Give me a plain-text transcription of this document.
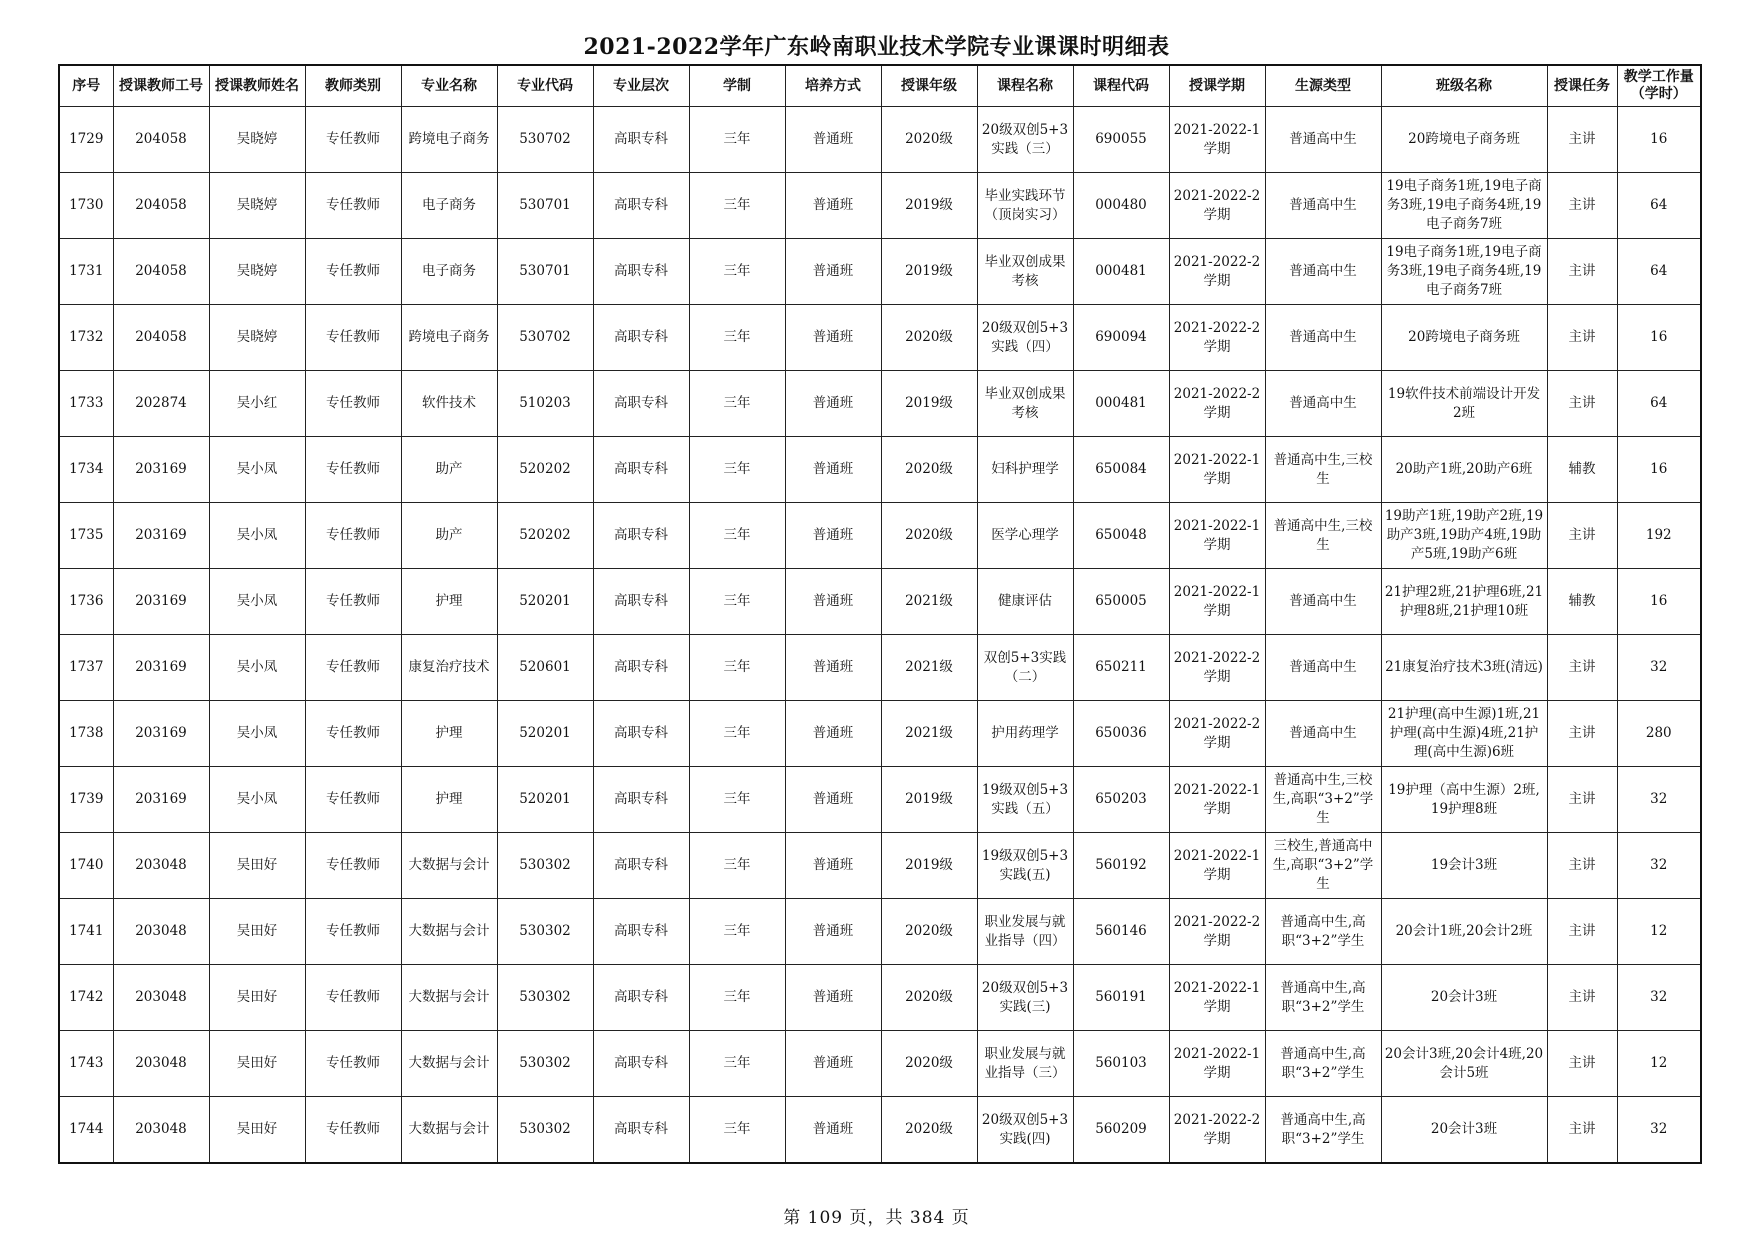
2021-2022学年广东岭南职业技术学院专业课课时明细表
序号	授课教师工号	授课教师姓名	教师类别	专业名称	专业代码	专业层次	学制	培养方式	授课年级	课程名称	课程代码	授课学期	生源类型	班级名称	授课任务	教学工作量（学时）

1729	204058	吴晓婷	专任教师	跨境电子商务	530702	高职专科	三年	普通班	2020级	20级双创5+3实践（三）	690055	2021-2022-1学期	普通高中生	20跨境电子商务班	主讲	16

1730	204058	吴晓婷	专任教师	电子商务	530701	高职专科	三年	普通班	2019级	毕业实践环节（顶岗实习）	000480	2021-2022-2学期	普通高中生	19电子商务1班,19电子商务3班,19电子商务4班,19电子商务7班	主讲	64

1731	204058	吴晓婷	专任教师	电子商务	530701	高职专科	三年	普通班	2019级	毕业双创成果考核	000481	2021-2022-2学期	普通高中生	19电子商务1班,19电子商务3班,19电子商务4班,19电子商务7班	主讲	64

1732	204058	吴晓婷	专任教师	跨境电子商务	530702	高职专科	三年	普通班	2020级	20级双创5+3实践（四）	690094	2021-2022-2学期	普通高中生	20跨境电子商务班	主讲	16

1733	202874	吴小红	专任教师	软件技术	510203	高职专科	三年	普通班	2019级	毕业双创成果考核	000481	2021-2022-2学期	普通高中生	19软件技术前端设计开发2班	主讲	64

1734	203169	吴小凤	专任教师	助产	520202	高职专科	三年	普通班	2020级	妇科护理学	650084	2021-2022-1学期	普通高中生,三校生	20助产1班,20助产6班	辅教	16

1735	203169	吴小凤	专任教师	助产	520202	高职专科	三年	普通班	2020级	医学心理学	650048	2021-2022-1学期	普通高中生,三校生	19助产1班,19助产2班,19助产3班,19助产4班,19助产5班,19助产6班	主讲	192

1736	203169	吴小凤	专任教师	护理	520201	高职专科	三年	普通班	2021级	健康评估	650005	2021-2022-1学期	普通高中生	21护理2班,21护理6班,21护理8班,21护理10班	辅教	16

1737	203169	吴小凤	专任教师	康复治疗技术	520601	高职专科	三年	普通班	2021级	双创5+3实践（二）	650211	2021-2022-2学期	普通高中生	21康复治疗技术3班(清远)	主讲	32

1738	203169	吴小凤	专任教师	护理	520201	高职专科	三年	普通班	2021级	护用药理学	650036	2021-2022-2学期	普通高中生	21护理(高中生源)1班,21护理(高中生源)4班,21护理(高中生源)6班	主讲	280

1739	203169	吴小凤	专任教师	护理	520201	高职专科	三年	普通班	2019级	19级双创5+3实践（五）	650203	2021-2022-1学期	普通高中生,三校生,高职“3+2”学生	19护理（高中生源）2班,19护理8班	主讲	32

1740	203048	吴田好	专任教师	大数据与会计	530302	高职专科	三年	普通班	2019级	19级双创5+3实践(五)	560192	2021-2022-1学期	三校生,普通高中生,高职“3+2”学生	19会计3班	主讲	32

1741	203048	吴田好	专任教师	大数据与会计	530302	高职专科	三年	普通班	2020级	职业发展与就业指导（四）	560146	2021-2022-2学期	普通高中生,高职“3+2”学生	20会计1班,20会计2班	主讲	12

1742	203048	吴田好	专任教师	大数据与会计	530302	高职专科	三年	普通班	2020级	20级双创5+3实践(三)	560191	2021-2022-1学期	普通高中生,高职“3+2”学生	20会计3班	主讲	32

1743	203048	吴田好	专任教师	大数据与会计	530302	高职专科	三年	普通班	2020级	职业发展与就业指导（三）	560103	2021-2022-1学期	普通高中生,高职“3+2”学生	20会计3班,20会计4班,20会计5班	主讲	12

1744	203048	吴田好	专任教师	大数据与会计	530302	高职专科	三年	普通班	2020级	20级双创5+3实践(四)	560209	2021-2022-2学期	普通高中生,高职“3+2”学生	20会计3班	主讲	32
第 109 页，共 384 页
